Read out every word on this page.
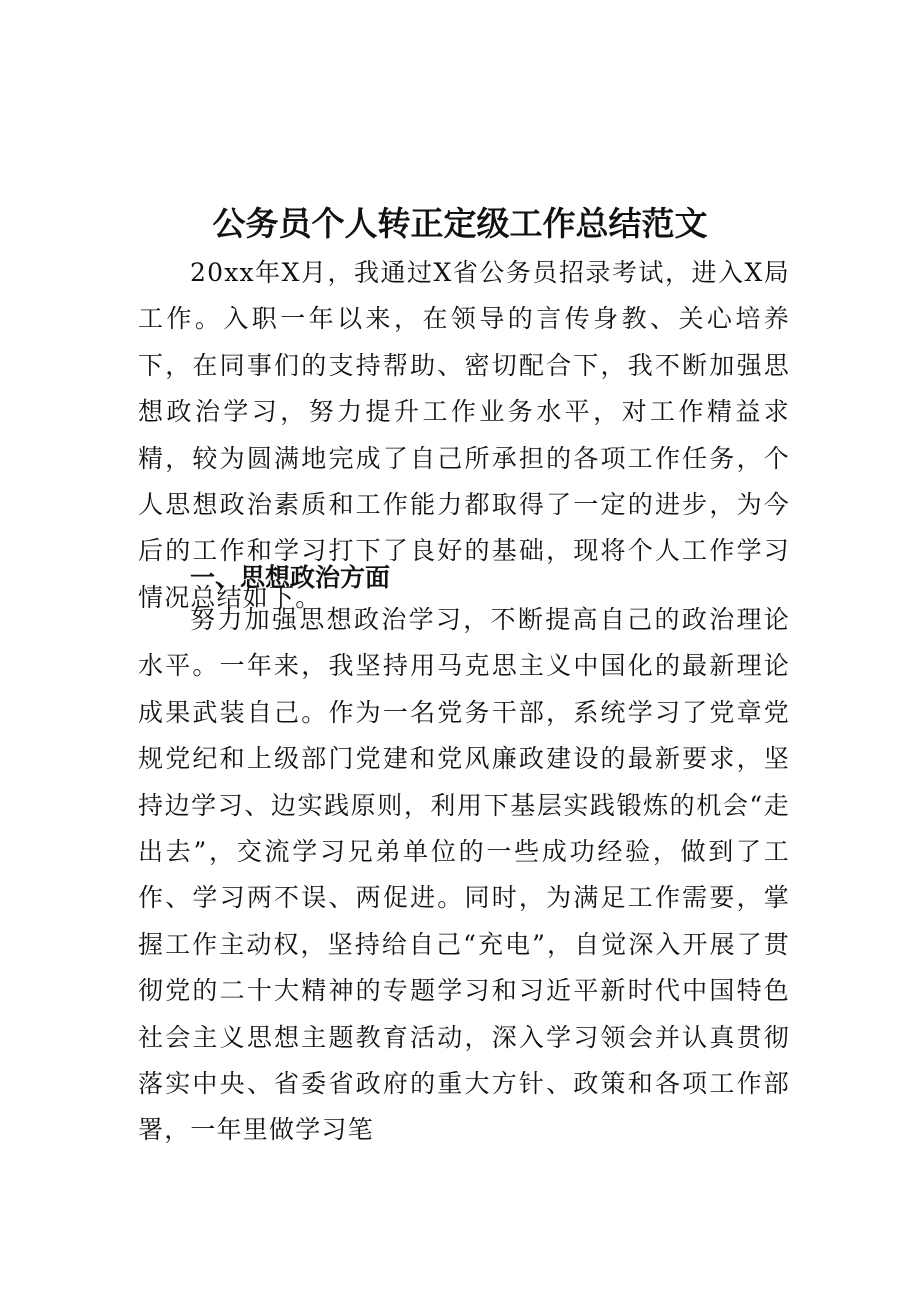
公务员个人转正定级工作总结范文

20xx年X月，我通过X省公务员招录考试，进入X局工作。入职一年以来，在领导的言传身教、关心培养下，在同事们的支持帮助、密切配合下，我不断加强思想政治学习，努力提升工作业务水平，对工作精益求精，较为圆满地完成了自己所承担的各项工作任务，个人思想政治素质和工作能力都取得了一定的进步，为今后的工作和学习打下了良好的基础，现将个人工作学习情况总结如下。

一、思想政治方面

努力加强思想政治学习，不断提高自己的政治理论水平。一年来，我坚持用马克思主义中国化的最新理论成果武装自己。作为一名党务干部，系统学习了党章党规党纪和上级部门党建和党风廉政建设的最新要求，坚持边学习、边实践原则，利用下基层实践锻炼的机会“走出去”，交流学习兄弟单位的一些成功经验，做到了工作、学习两不误、两促进。同时，为满足工作需要，掌握工作主动权，坚持给自己“充电”，自觉深入开展了贯彻党的二十大精神的专题学习和习近平新时代中国特色社会主义思想主题教育活动，深入学习领会并认真贯彻落实中央、省委省政府的重大方针、政策和各项工作部署，一年里做学习笔
